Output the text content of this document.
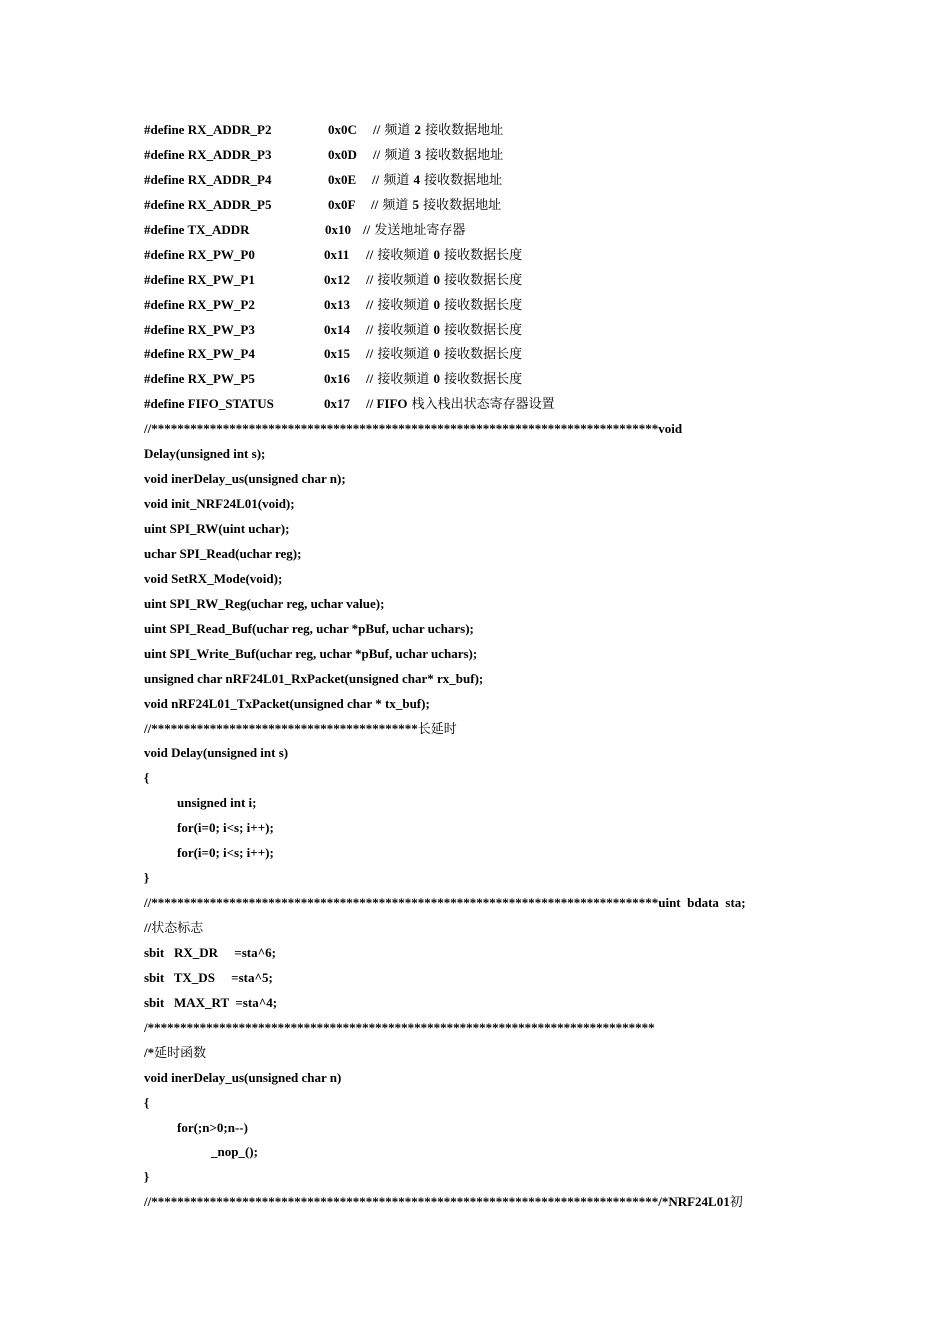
#define RX_ADDR_P2	0x0C // 频道 2 接收数据地址
#define RX_ADDR_P3	0x0D // 频道 3 接收数据地址
#define RX_ADDR_P4	0x0E // 频道 4 接收数据地址
#define RX_ADDR_P5	0x0F // 频道 5 接收数据地址
#define TX_ADDR	0x10 // 发送地址寄存器
#define RX_PW_P0	0x11 // 接收频道 0 接收数据长度
#define RX_PW_P1	0x12 // 接收频道 0 接收数据长度
#define RX_PW_P2	0x13 // 接收频道 0 接收数据长度
#define RX_PW_P3	0x14 // 接收频道 0 接收数据长度
#define RX_PW_P4	0x15 // 接收频道 0 接收数据长度
#define RX_PW_P5	0x16 // 接收频道 0 接收数据长度
#define FIFO_STATUS	0x17 // FIFO 栈入栈出状态寄存器设置
//******************************************************************************void
Delay(unsigned int s);
void inerDelay_us(unsigned char n);
void init_NRF24L01(void);
uint SPI_RW(uint uchar);
uchar SPI_Read(uchar reg);
void SetRX_Mode(void);
uint SPI_RW_Reg(uchar reg, uchar value);
uint SPI_Read_Buf(uchar reg, uchar *pBuf, uchar uchars);
uint SPI_Write_Buf(uchar reg, uchar *pBuf, uchar uchars);
unsigned char nRF24L01_RxPacket(unsigned char* rx_buf);
void nRF24L01_TxPacket(unsigned char * tx_buf);
//*****************************************长延时
void Delay(unsigned int s)
{
unsigned int i;
for(i=0; i<s; i++);
for(i=0; i<s; i++);
}
//******************************************************************************uint  bdata  sta;
//状态标志
sbit   RX_DR     =sta^6;
sbit   TX_DS     =sta^5;
sbit   MAX_RT  =sta^4;
/******************************************************************************
/*延时函数
void inerDelay_us(unsigned char n)
{
for(;n>0;n--)
_nop_();
}
//******************************************************************************/*NRF24L01初
